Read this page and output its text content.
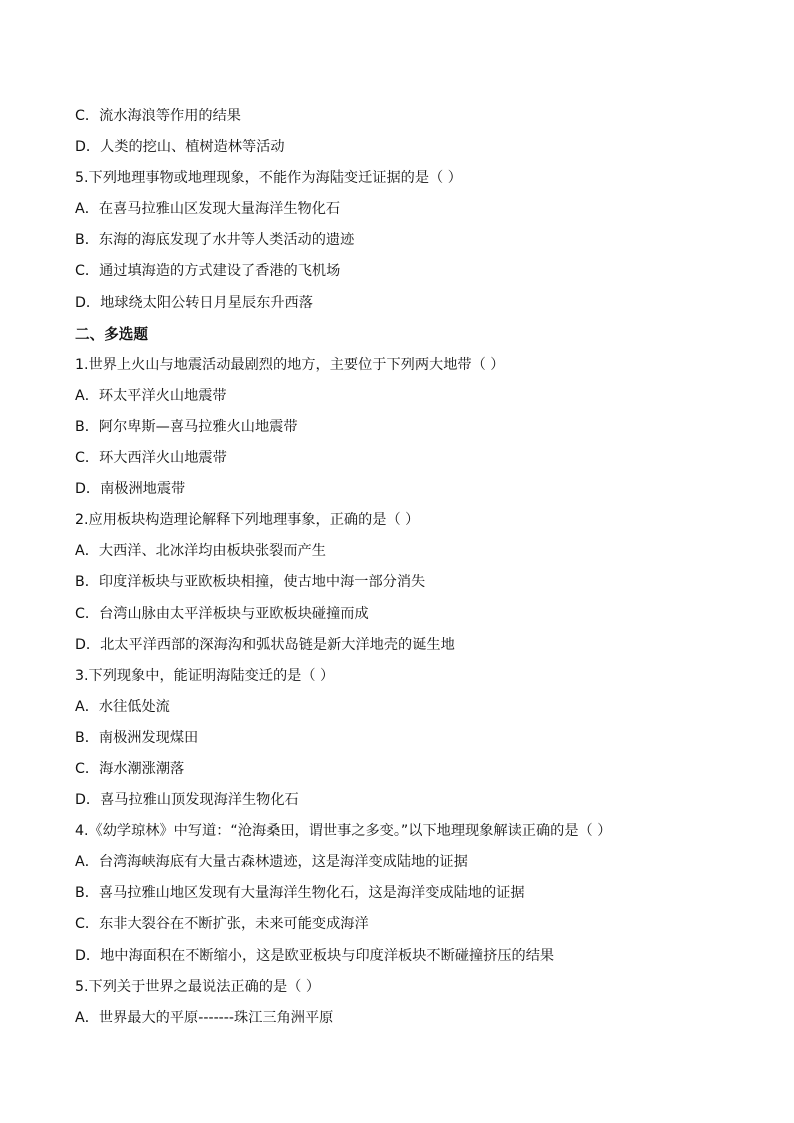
C．流水海浪等作用的结果
D．人类的挖山、植树造林等活动
5.下列地理事物或地理现象，不能作为海陆变迁证据的是（ ）
A．在喜马拉雅山区发现大量海洋生物化石
B．东海的海底发现了水井等人类活动的遗迹
C．通过填海造的方式建设了香港的飞机场
D．地球绕太阳公转日月星辰东升西落
二、多选题
1.世界上火山与地震活动最剧烈的地方，主要位于下列两大地带（ ）
A．环太平洋火山地震带
B．阿尔卑斯—喜马拉雅火山地震带
C．环大西洋火山地震带
D．南极洲地震带
2.应用板块构造理论解释下列地理事象，正确的是（ ）
A．大西洋、北冰洋均由板块张裂而产生
B．印度洋板块与亚欧板块相撞，使古地中海一部分消失
C．台湾山脉由太平洋板块与亚欧板块碰撞而成
D．北太平洋西部的深海沟和弧状岛链是新大洋地壳的诞生地
3.下列现象中，能证明海陆变迁的是（ ）
A．水往低处流
B．南极洲发现煤田
C．海水潮涨潮落
D．喜马拉雅山顶发现海洋生物化石
4.《幼学琼林》中写道：“沧海桑田，谓世事之多变。”以下地理现象解读正确的是（ ）
A．台湾海峡海底有大量古森林遗迹，这是海洋变成陆地的证据
B．喜马拉雅山地区发现有大量海洋生物化石，这是海洋变成陆地的证据
C．东非大裂谷在不断扩张，未来可能变成海洋
D．地中海面积在不断缩小，这是欧亚板块与印度洋板块不断碰撞挤压的结果
5.下列关于世界之最说法正确的是（ ）
A．世界最大的平原-------珠江三角洲平原
